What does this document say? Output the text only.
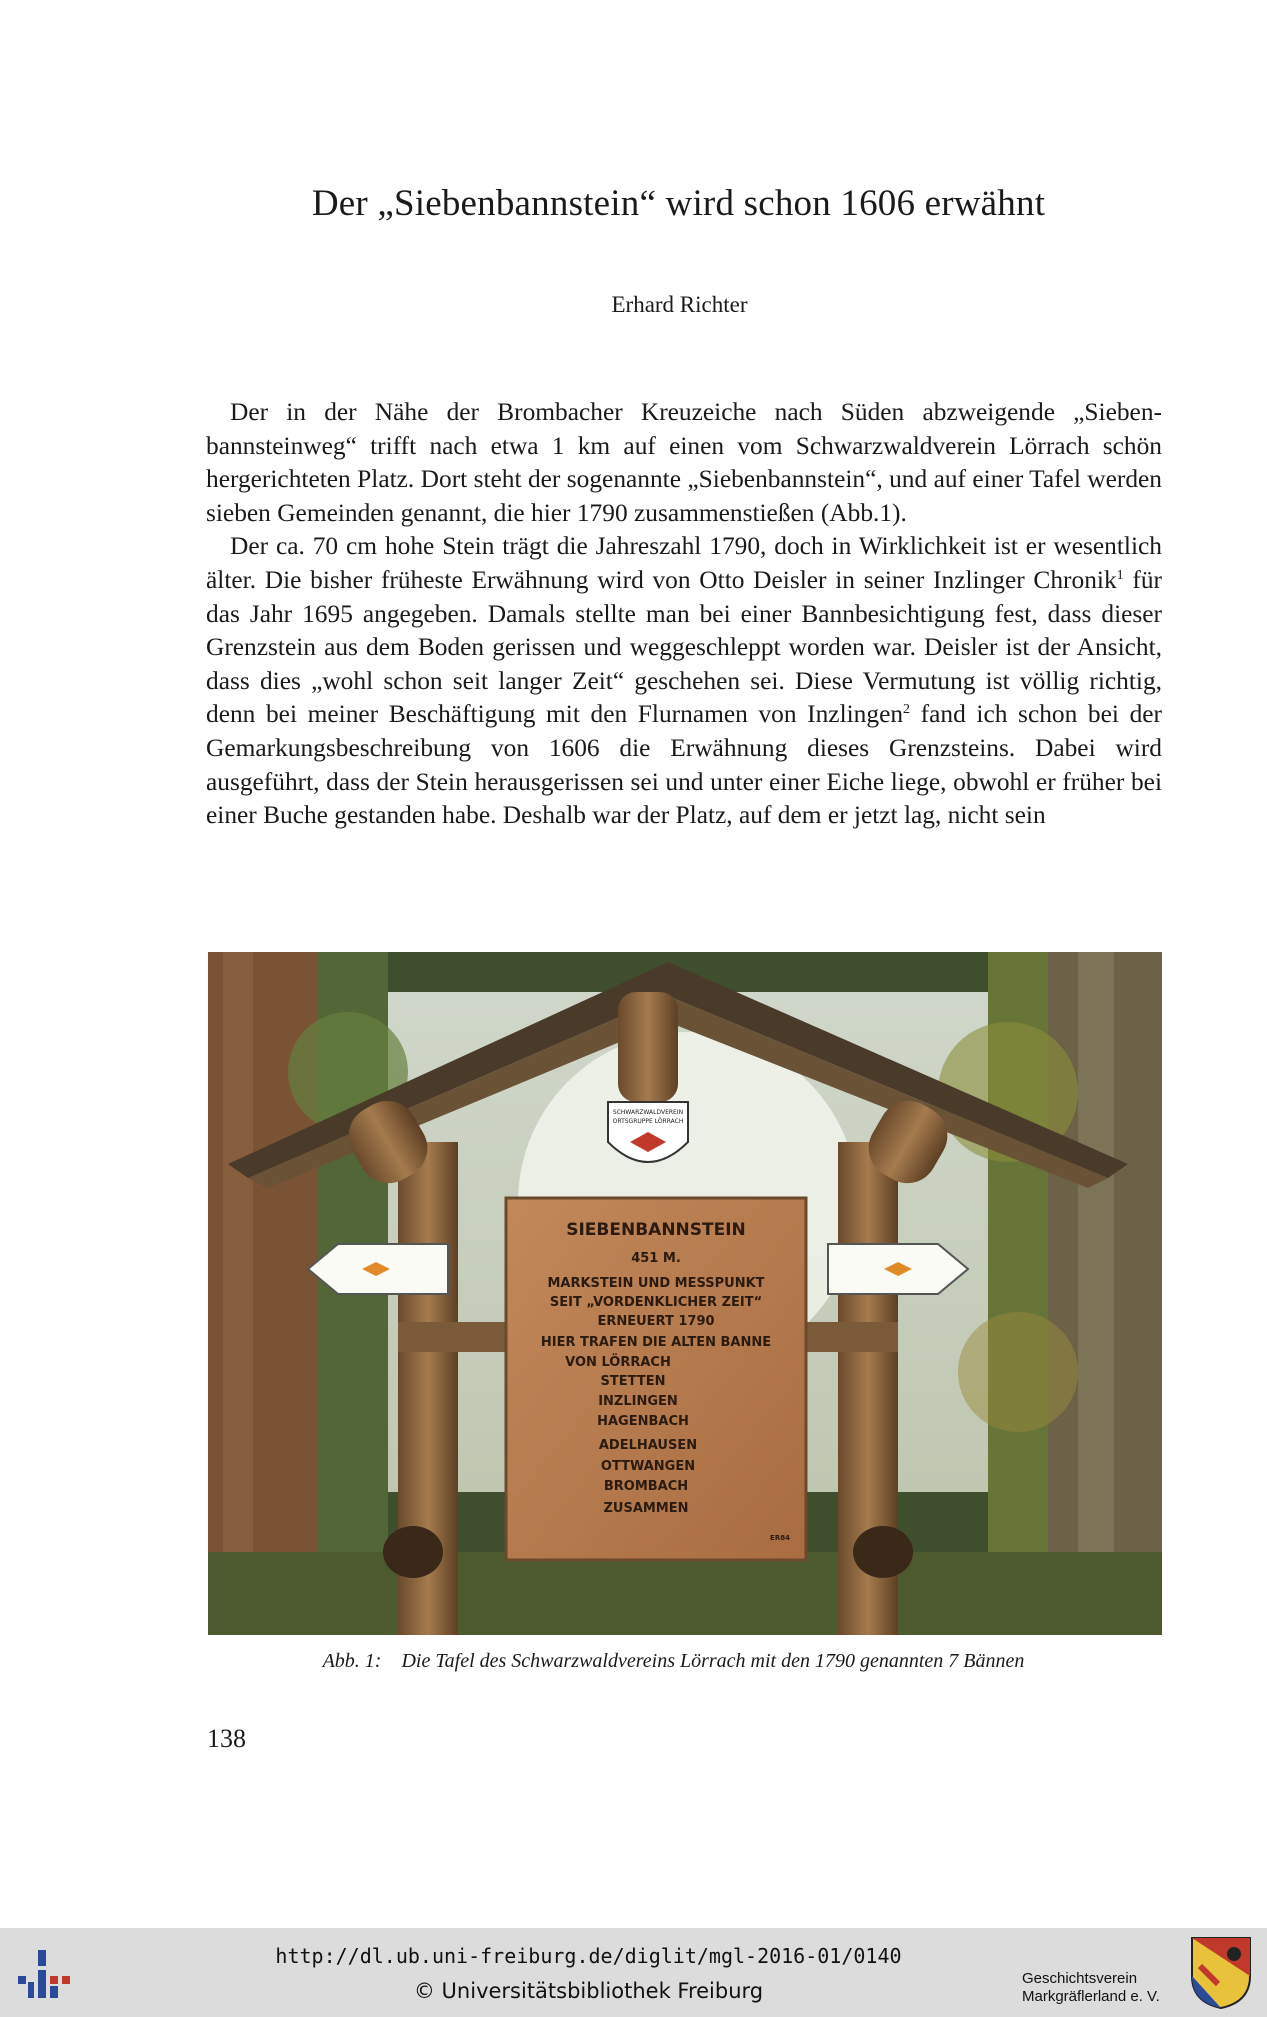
Der „Siebenbannstein“ wird schon 1606 erwähnt
Erhard Richter

Der in der Nähe der Brombacher Kreuzeiche nach Süden abzweigende „Siebenbannsteinweg“ trifft nach etwa 1 km auf einen vom Schwarzwaldverein Lörrach schön hergerichteten Platz. Dort steht der sogenannte „Siebenbannstein“, und auf einer Tafel werden sieben Gemeinden genannt, die hier 1790 zusammenstießen (Abb.1).

Der ca. 70 cm hohe Stein trägt die Jahreszahl 1790, doch in Wirklichkeit ist er wesentlich älter. Die bisher früheste Erwähnung wird von Otto Deisler in seiner Inzlinger Chronik$^1$ für das Jahr 1695 angegeben. Damals stellte man bei einer Bannbesichtigung fest, dass dieser Grenzstein aus dem Boden gerissen und weggeschleppt worden war. Deisler ist der Ansicht, dass dies „wohl schon seit langer Zeit“ geschehen sei. Diese Vermutung ist völlig richtig, denn bei meiner Beschäftigung mit den Flurnamen von Inzlingen$^2$ fand ich schon bei der Gemarkungsbeschreibung von 1606 die Erwähnung dieses Grenzsteins. Dabei wird ausgeführt, dass der Stein herausgerissen sei und unter einer Eiche liege, obwohl er früher bei einer Buche gestanden habe. Deshalb war der Platz, auf dem er jetzt lag, nicht sein

SCHWARZWALDVEREIN
ORTSGRUPPE LÖRRACH
SIEBENBANNSTEIN
451 M.
MARKSTEIN UND MESSPUNKT
SEIT „VORDENKLICHER ZEIT“
ERNEUERT 1790
HIER TRAFEN DIE ALTEN BANNE
VON LÖRRACH
STETTEN
INZLINGEN
HAGENBACH
ADELHAUSEN
OTTWANGEN
BROMBACH
ZUSAMMEN
ER84
Abb. 1: Die Tafel des Schwarzwaldvereins Lörrach mit den 1790 genannten 7 Bännen
138
http://dl.ub.uni-freiburg.de/diglit/mgl-2016-01/0140
© Universitätsbibliothek Freiburg
Geschichtsverein
Markgräflerland e. V.
